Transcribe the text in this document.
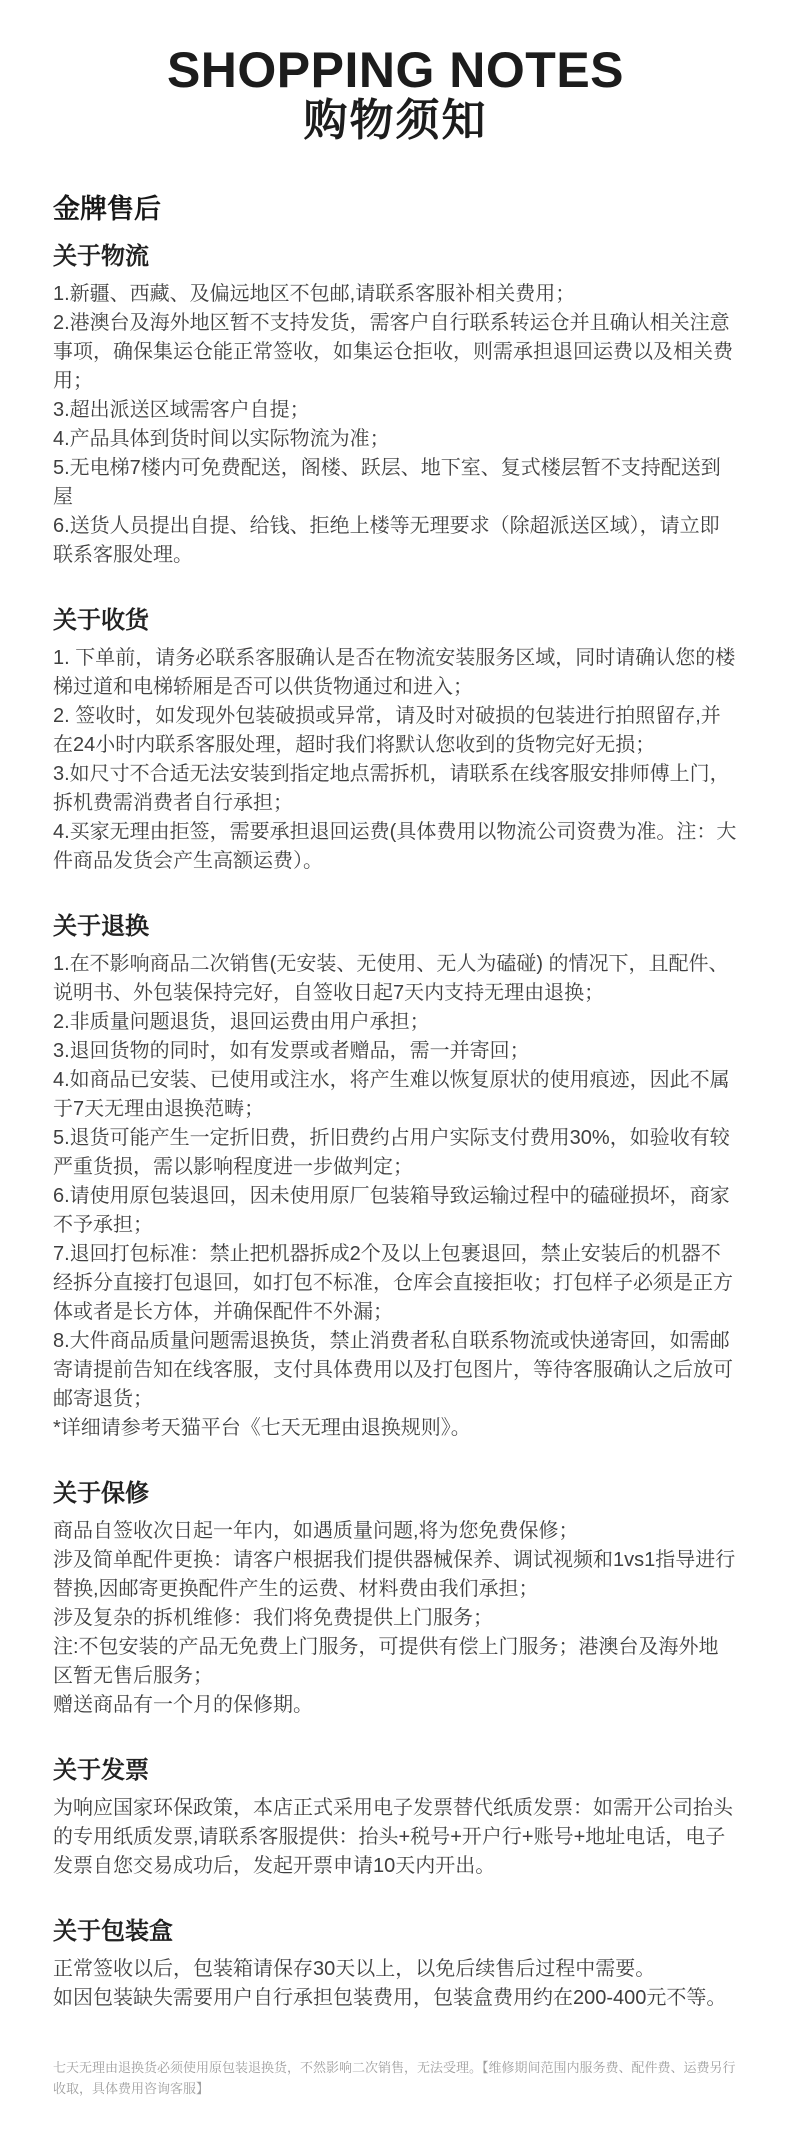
SHOPPING NOTES
购物须知
金牌售后
关于物流

1.新疆、西藏、及偏远地区不包邮,请联系客服补相关费用；

2.港澳台及海外地区暂不支持发货，需客户自行联系转运仓并且确认相关注意事项，确保集运仓能正常签收，如集运仓拒收，则需承担退回运费以及相关费用；

3.超出派送区域需客户自提；

4.产品具体到货时间以实际物流为准；

5.无电梯7楼内可免费配送，阁楼、跃层、地下室、复式楼层暂不支持配送到屋

6.送货人员提出自提、给钱、拒绝上楼等无理要求（除超派送区域），请立即联系客服处理。

关于收货

1. 下单前，请务必联系客服确认是否在物流安装服务区域，同时请确认您的楼梯过道和电梯轿厢是否可以供货物通过和进入；

2. 签收时，如发现外包装破损或异常，请及时对破损的包装进行拍照留存,并在24小时内联系客服处理，超时我们将默认您收到的货物完好无损；

3.如尺寸不合适无法安装到指定地点需拆机，请联系在线客服安排师傅上门，拆机费需消费者自行承担；

4.买家无理由拒签，需要承担退回运费(具体费用以物流公司资费为准。注：大件商品发货会产生高额运费）。

关于退换

1.在不影响商品二次销售(无安装、无使用、无人为磕碰) 的情况下，且配件、说明书、外包装保持完好，自签收日起7天内支持无理由退换；

2.非质量问题退货，退回运费由用户承担；

3.退回货物的同时，如有发票或者赠品，需一并寄回；

4.如商品已安装、已使用或注水，将产生难以恢复原状的使用痕迹，因此不属于7天无理由退换范畴；

5.退货可能产生一定折旧费，折旧费约占用户实际支付费用30%，如验收有较严重货损，需以影响程度进一步做判定；

6.请使用原包装退回，因未使用原厂包装箱导致运输过程中的磕碰损坏，商家不予承担；

7.退回打包标准：禁止把机器拆成2个及以上包裹退回，禁止安装后的机器不经拆分直接打包退回，如打包不标准，仓库会直接拒收；打包样子必须是正方体或者是长方体，并确保配件不外漏；

8.大件商品质量问题需退换货，禁止消费者私自联系物流或快递寄回，如需邮寄请提前告知在线客服，支付具体费用以及打包图片，等待客服确认之后放可邮寄退货；

*详细请参考天猫平台《七天无理由退换规则》。

关于保修

商品自签收次日起一年内，如遇质量问题,将为您免费保修；

涉及简单配件更换：请客户根据我们提供器械保养、调试视频和1vs1指导进行替换,因邮寄更换配件产生的运费、材料费由我们承担；

涉及复杂的拆机维修：我们将免费提供上门服务；

注:不包安装的产品无免费上门服务，可提供有偿上门服务；港澳台及海外地区暂无售后服务；

赠送商品有一个月的保修期。

关于发票

为响应国家环保政策，本店正式采用电子发票替代纸质发票：如需开公司抬头的专用纸质发票,请联系客服提供：抬头+税号+开户行+账号+地址电话，电子发票自您交易成功后，发起开票申请10天内开出。

关于包装盒

正常签收以后，包装箱请保存30天以上，以免后续售后过程中需要。

如因包装缺失需要用户自行承担包装费用，包装盒费用约在200-400元不等。

七天无理由退换货必须使用原包装退换货，不然影响二次销售，无法受理。【维修期间范围内服务费、配件费、运费另行收取，具体费用咨询客服】
